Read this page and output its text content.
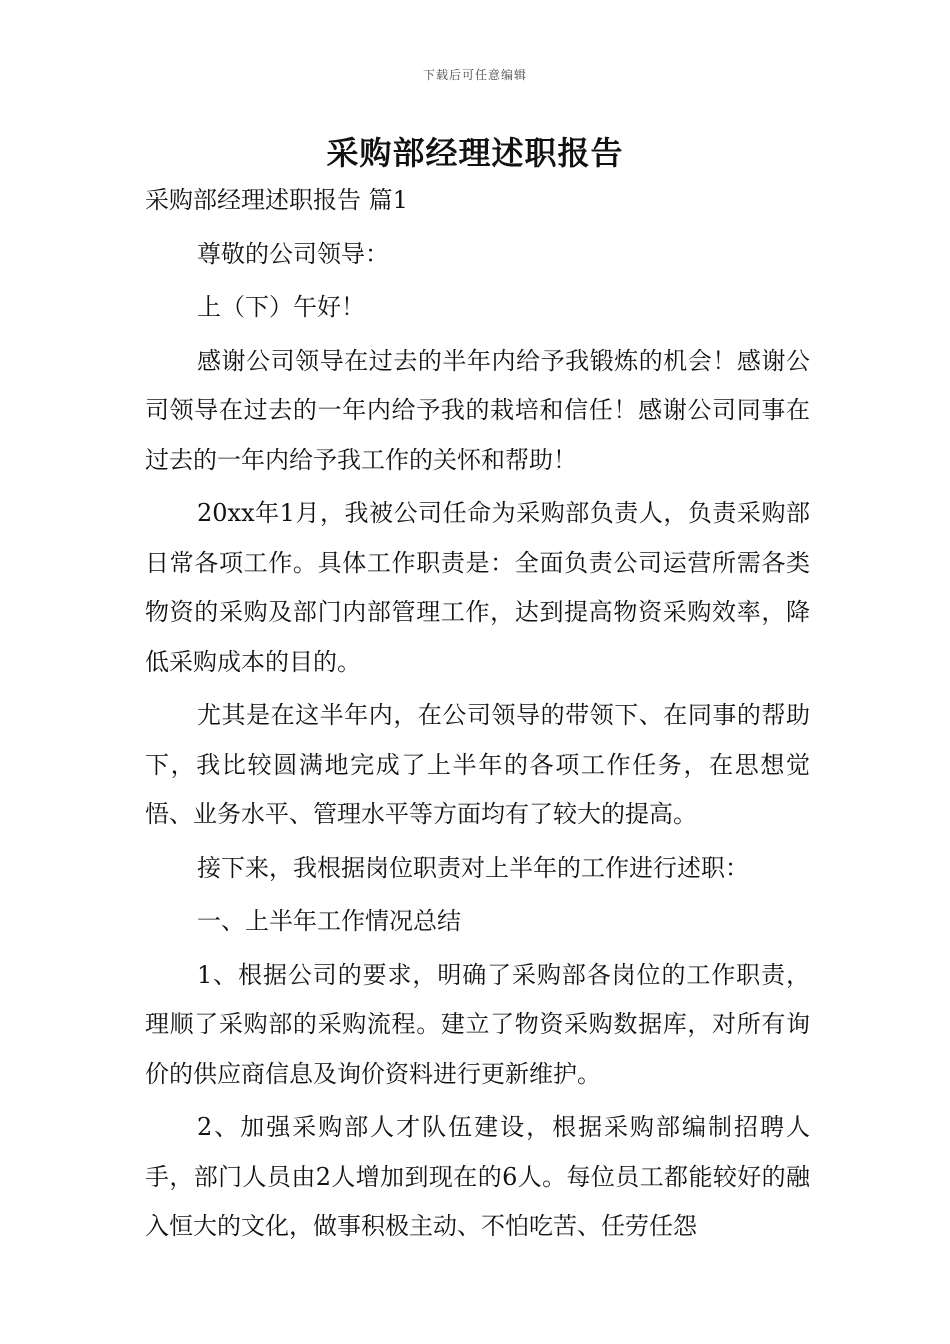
下载后可任意编辑
采购部经理述职报告

采购部经理述职报告 篇1

尊敬的公司领导：

上（下）午好！

感谢公司领导在过去的半年内给予我锻炼的机会！感谢公司领导在过去的一年内给予我的栽培和信任！感谢公司同事在过去的一年内给予我工作的关怀和帮助！

20xx年1月，我被公司任命为采购部负责人，负责采购部日常各项工作。具体工作职责是：全面负责公司运营所需各类物资的采购及部门内部管理工作，达到提高物资采购效率，降低采购成本的目的。

尤其是在这半年内，在公司领导的带领下、在同事的帮助下，我比较圆满地完成了上半年的各项工作任务，在思想觉悟、业务水平、管理水平等方面均有了较大的提高。

接下来，我根据岗位职责对上半年的工作进行述职：

一、上半年工作情况总结

1、根据公司的要求，明确了采购部各岗位的工作职责，理顺了采购部的采购流程。建立了物资采购数据库，对所有询价的供应商信息及询价资料进行更新维护。

2、加强采购部人才队伍建设，根据采购部编制招聘人手，部门人员由2人增加到现在的6人。每位员工都能较好的融入恒大的文化，做事积极主动、不怕吃苦、任劳任怨
